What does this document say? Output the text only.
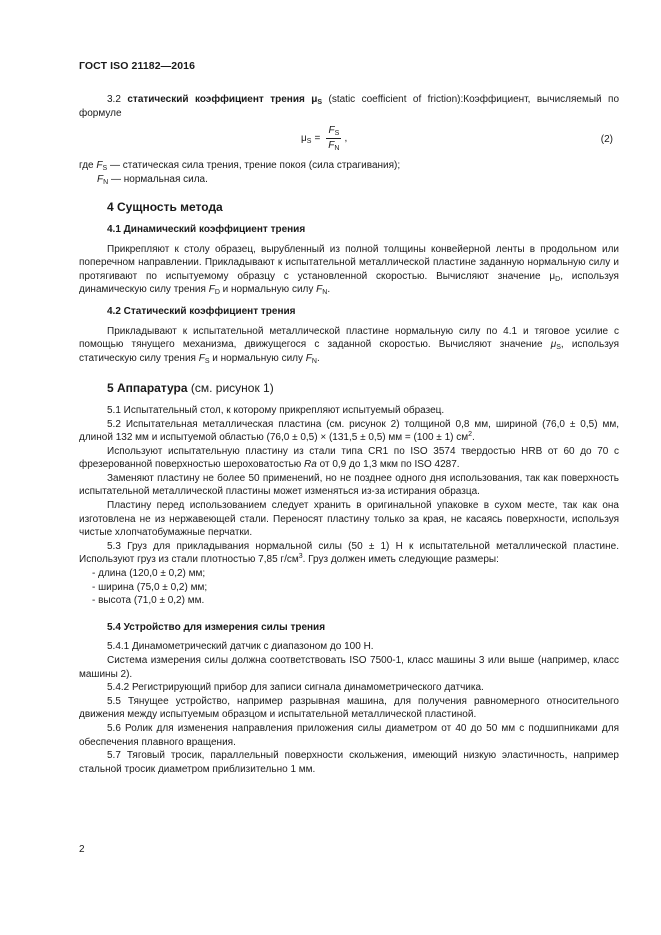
ГОСТ ISO 21182—2016

3.2 статический коэффициент трения $\mu_S$ (static coefficient of friction):Коэффициент, вычисляемый по формуле

$\mu_S = \frac{F_S}{F_N}$ ,	(2)

где $F_S$ — статическая сила трения, трение покоя (сила страгивания);

$F_N$ — нормальная сила.

4 Сущность метода
4.1 Динамический коэффициент трения

Прикрепляют к столу образец, вырубленный из полной толщины конвейерной ленты в продольном или поперечном направлении. Прикладывают к испытательной металлической пластине заданную нормальную силу и протягивают по испытуемому образцу с установленной скоростью. Вычисляют значение $\mu_D$, используя динамическую силу трения $F_D$ и нормальную силу $F_N$.

4.2 Статический коэффициент трения

Прикладывают к испытательной металлической пластине нормальную силу по 4.1 и тяговое усилие с помощью тянущего механизма, движущегося с заданной скоростью. Вычисляют значение $\mu_S$, используя статическую силу трения $F_S$ и нормальную силу $F_N$.

5 Аппаратура (см. рисунок 1)

5.1 Испытательный стол, к которому прикрепляют испытуемый образец.

5.2 Испытательная металлическая пластина (см. рисунок 2) толщиной 0,8 мм, шириной (76,0 ± 0,5) мм, длиной 132 мм и испытуемой областью (76,0 ± 0,5) × (131,5 ± 0,5) мм = (100 ± 1) $см^2$.

Используют испытательную пластину из стали типа CR1 по ISO 3574 твердостью HRB от 60 до 70 с фрезерованной поверхностью шероховатостью Ra от 0,9 до 1,3 мкм по ISO 4287.

Заменяют пластину не более 50 применений, но не позднее одного дня использования, так как поверхность испытательной металлической пластины может изменяться из-за истирания образца.

Пластину перед использованием следует хранить в оригинальной упаковке в сухом месте, так как она изготовлена не из нержавеющей стали. Переносят пластину только за края, не касаясь поверхности, используя чистые хлопчатобумажные перчатки.

5.3 Груз для прикладывания нормальной силы (50 ± 1) Н к испытательной металлической пластине. Используют груз из стали плотностью 7,85 $г/см^3$. Груз должен иметь следующие размеры:

- длина (120,0 ± 0,2) мм;

- ширина (75,0 ± 0,2) мм;

- высота (71,0 ± 0,2) мм.

5.4 Устройство для измерения силы трения

5.4.1 Динамометрический датчик с диапазоном до 100 Н.

Система измерения силы должна соответствовать ISO 7500-1, класс машины 3 или выше (например, класс машины 2).

5.4.2 Регистрирующий прибор для записи сигнала динамометрического датчика.

5.5 Тянущее устройство, например разрывная машина, для получения равномерного относительного движения между испытуемым образцом и испытательной металлической пластиной.

5.6 Ролик для изменения направления приложения силы диаметром от 40 до 50 мм с подшипниками для обеспечения плавного вращения.

5.7 Тяговый тросик, параллельный поверхности скольжения, имеющий низкую эластичность, например стальной тросик диаметром приблизительно 1 мм.

2
